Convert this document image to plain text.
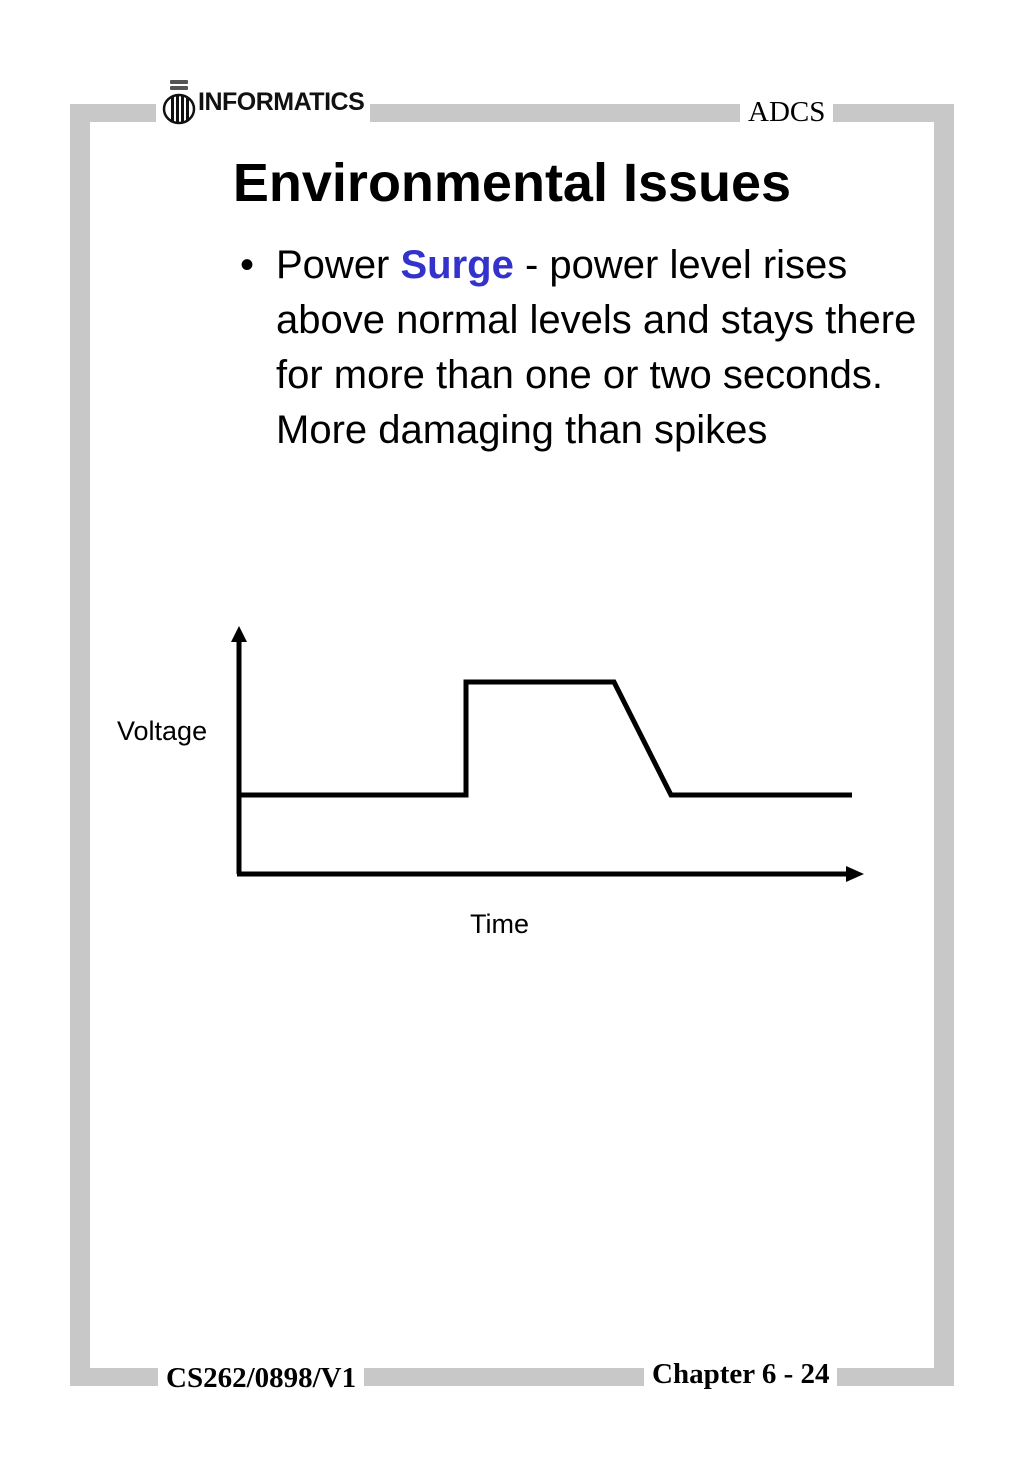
INFORMATICS	ADCS
Environmental Issues
• Power Surge - power level rises above normal levels and stays there for more than one or two seconds. More damaging than spikes
Voltage
Time
CS262/0898/V1	Chapter 6 - 24
